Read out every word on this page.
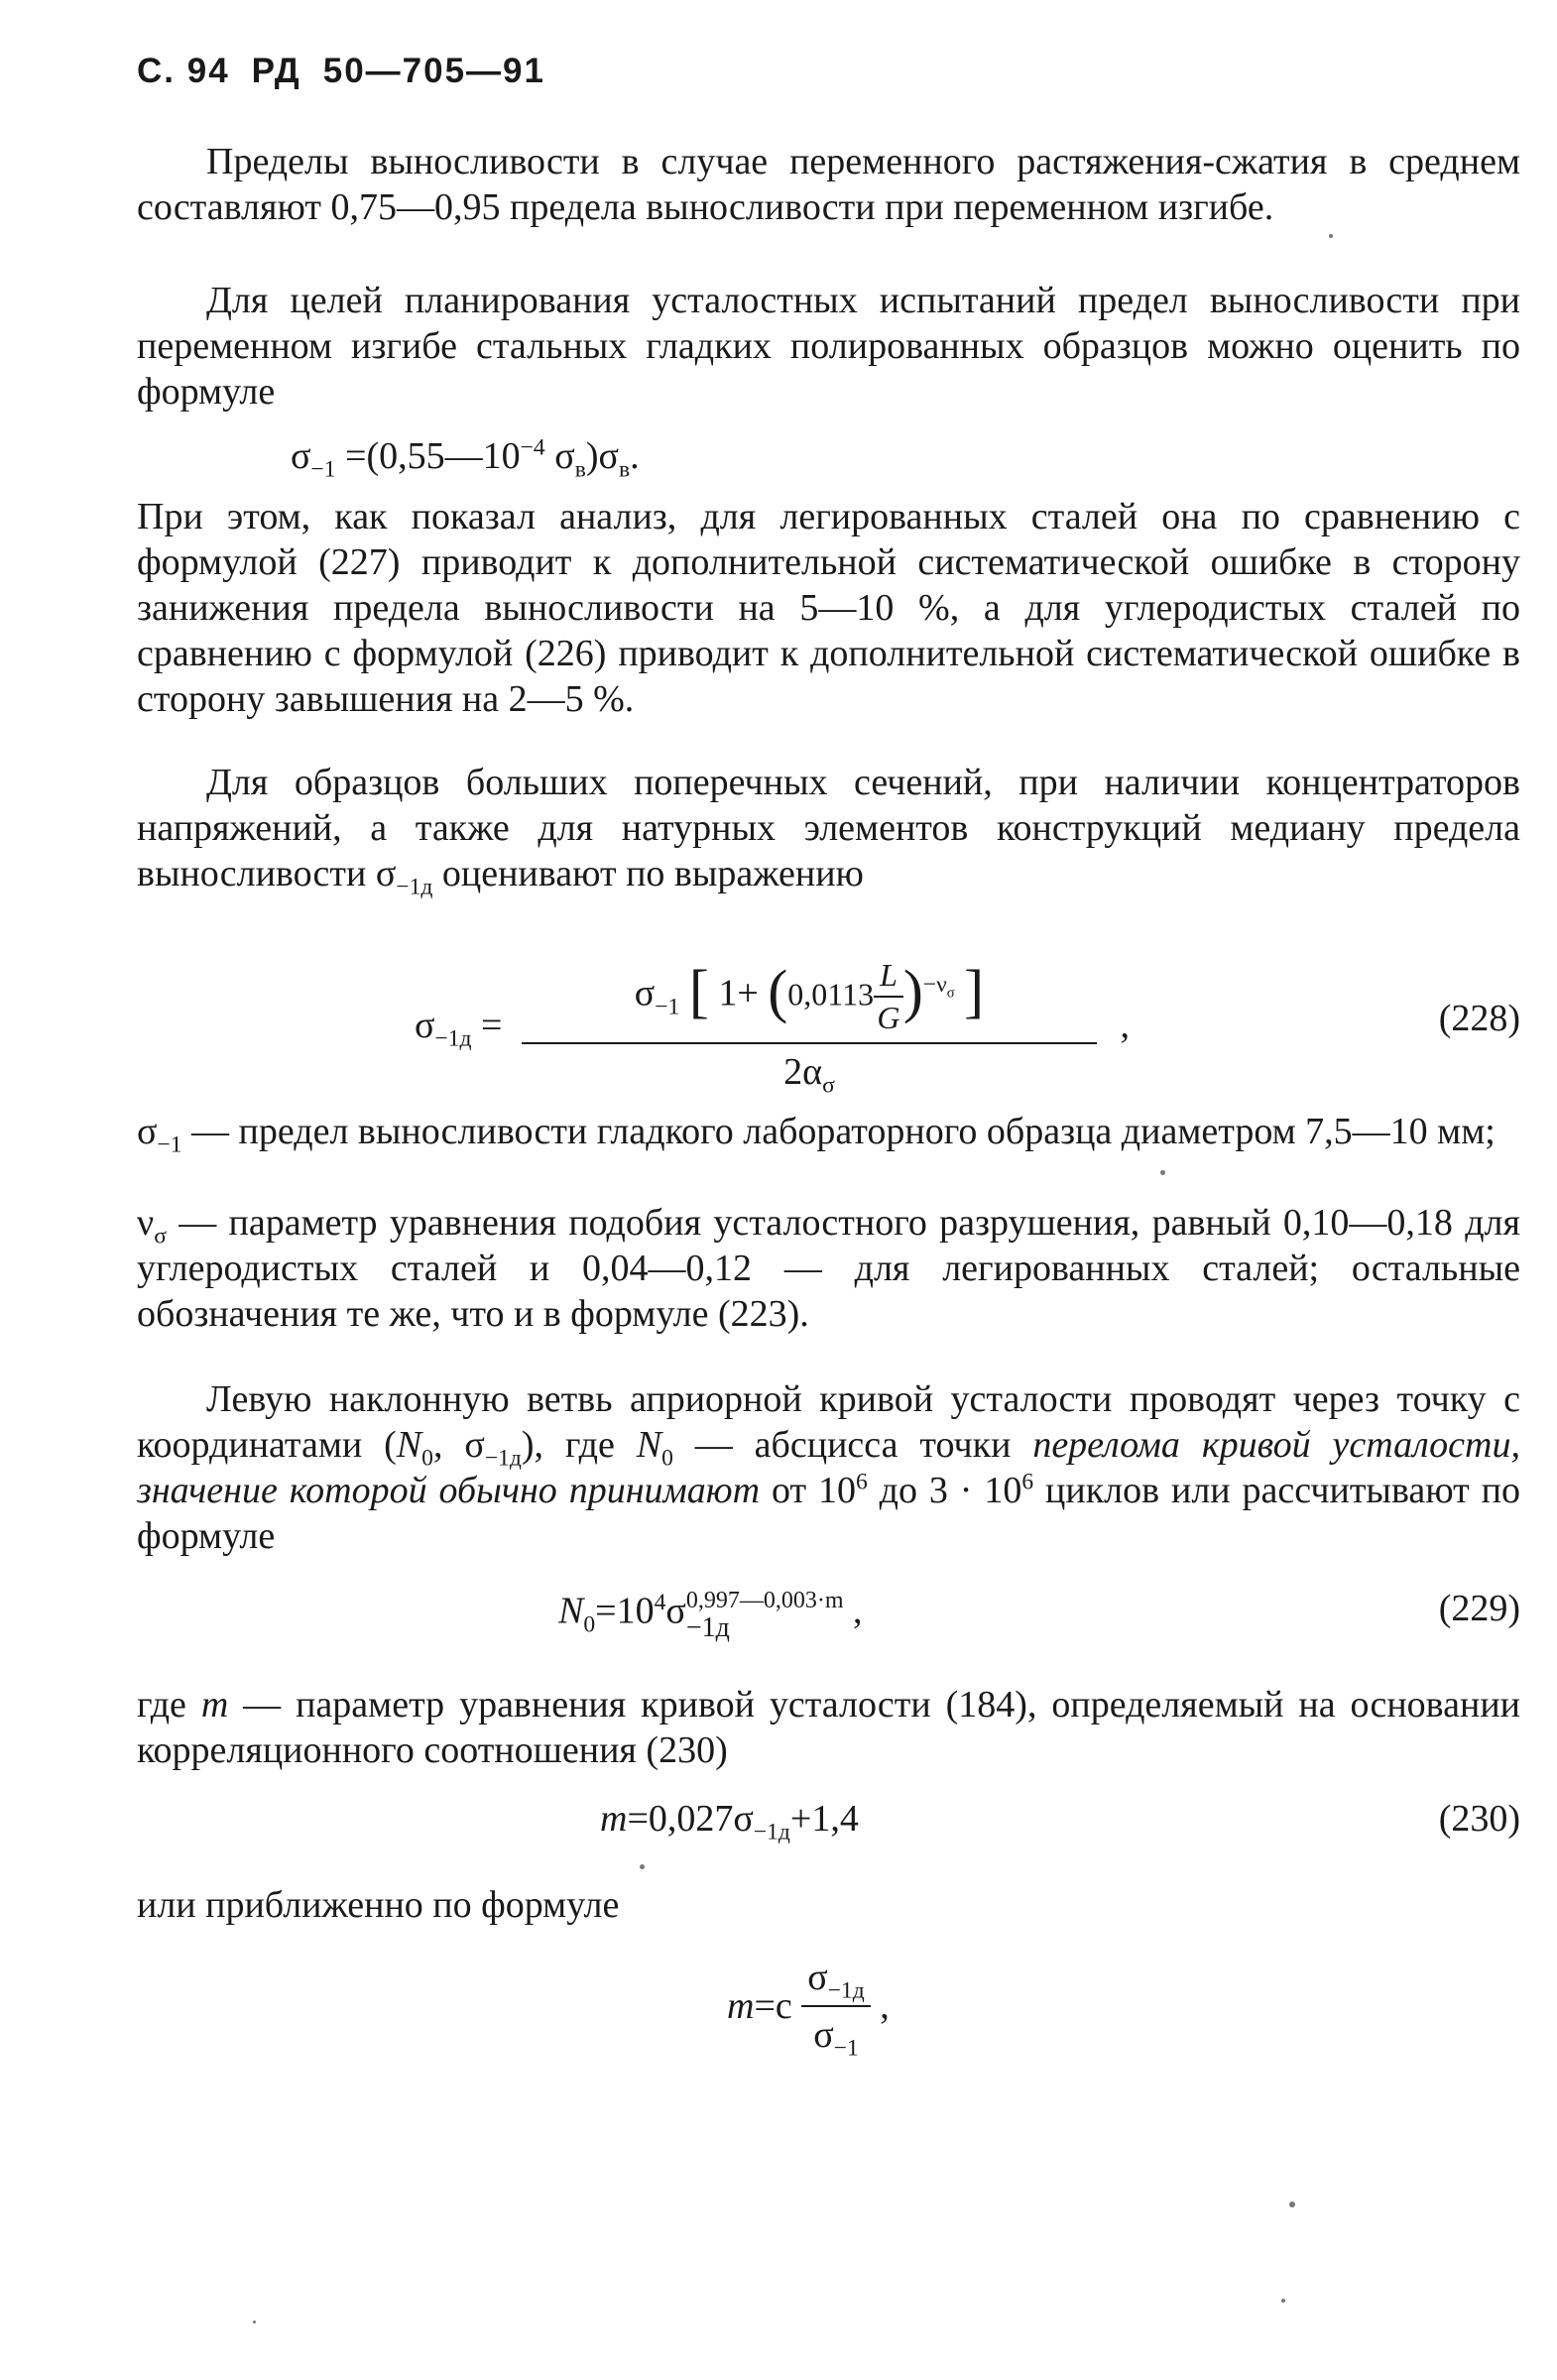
С. 94 РД 50—705—91

Пределы выносливости в случае переменного растяжения-сжатия в среднем составляют 0,75—0,95 предела выносливости при переменном изгибе.

Для целей планирования усталостных испытаний предел выносливости при переменном изгибе стальных гладких полированных образцов можно оценить по формуле

$\sigma_{-1}$ $=(0,55—10^{-4}$ $\sigma_в)\sigma_в$.

При этом, как показал анализ, для легированных сталей она по сравнению с формулой (227) приводит к дополнительной систематической ошибке в сторону занижения предела выносливости на 5—10 %, а для углеродистых сталей по сравнению с формулой (226) приводит к дополнительной систематической ошибке в сторону завышения на 2—5 %.

Для образцов больших поперечных сечений, при наличии концентраторов напряжений, а также для натурных элементов конструкций медиану предела выносливости $\sigma_{-1д}$ оценивают по выражению

$\sigma_{-1д}$ =
$\sigma_{-1}$ [ $1+ (0,0113 \frac{L}{G} )^{-\nu_\sigma}$ ]
$2\alpha_\sigma$
,	(228)

$\sigma_{-1}$ — предел выносливости гладкого лабораторного образца диаметром 7,5—10 мм;

$\nu_\sigma$ — параметр уравнения подобия усталостного разрушения, равный 0,10—0,18 для углеродистых сталей и 0,04—0,12 — для легированных сталей; остальные обозначения те же, что и в формуле (223).

Левую наклонную ветвь априорной кривой усталости проводят через точку с координатами ($N_0$, $\sigma_{-1д}$), где $N_0$ — абсцисса точки перелома кривой усталости, значение которой обычно принимают от $10^6$ до $3 \cdot 10^6$ циклов или рассчитывают по формуле

$N_0=10^4\sigma$ 0,997—0,003·m
−1д	,	(229)

где m — параметр уравнения кривой усталости (184), определяемый на основании корреляционного соотношения (230)

$m=0,027\sigma_{-1д}+1,4$	(230)

или приближенно по формуле

$m=c \frac{\sigma_{-1д}}{\sigma_{-1}}$ ,
